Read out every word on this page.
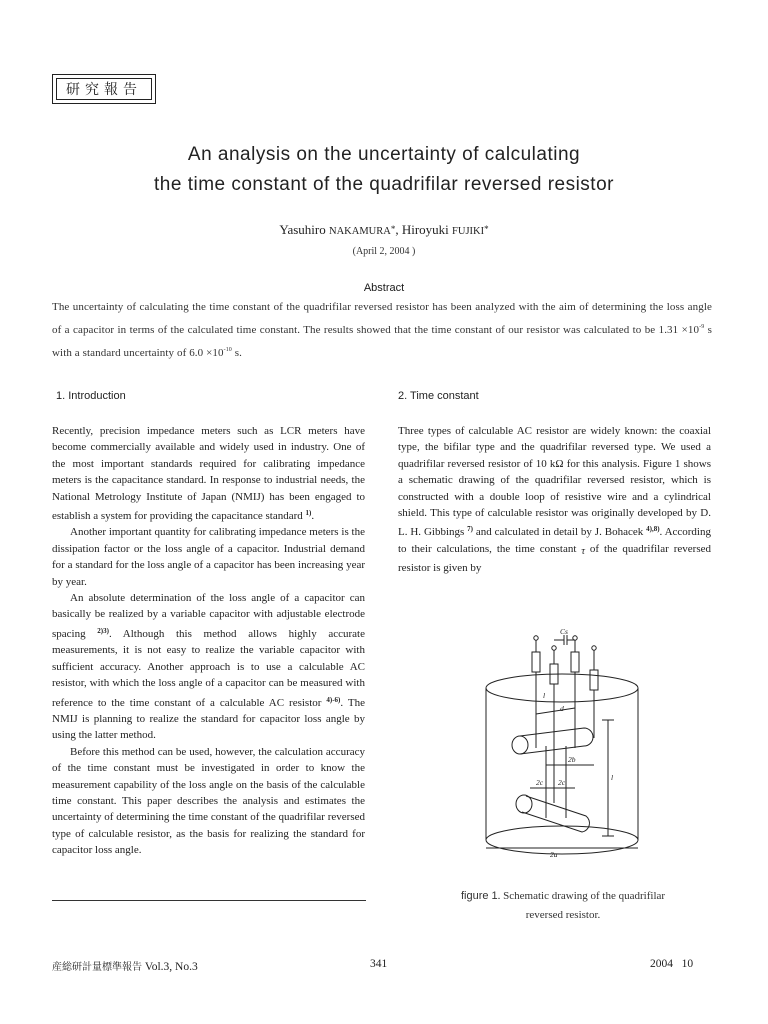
研究報告
An analysis on the uncertainty of calculating
the time constant of the quadrifilar reversed resistor
Yasuhiro NAKAMURA*, Hiroyuki FUJIKI*
(April 2, 2004 )
Abstract
The uncertainty of calculating the time constant of the quadrifilar reversed resistor has been analyzed with the aim of determining the loss angle of a capacitor in terms of the calculated time constant. The results showed that the time constant of our resistor was calculated to be $1.31 \times 10^{-9}$ s with a standard uncertainty of $6.0 \times 10^{-10}$ s.
1. Introduction	2. Time constant

Recently, precision impedance meters such as LCR meters have become commercially available and widely used in industry. One of the most important standards required for calibrating impedance meters is the capacitance standard. In response to industrial needs, the National Metrology Institute of Japan (NMIJ) has been engaged to establish a system for providing the capacitance standard $^{1)}$.

Another important quantity for calibrating impedance meters is the dissipation factor or the loss angle of a capacitor. Industrial demand for a standard for the loss angle of a capacitor has been increasing year by year.

An absolute determination of the loss angle of a capacitor can basically be realized by a variable capacitor with adjustable electrode spacing $^{2)3)}$. Although this method allows highly accurate measurements, it is not easy to realize the variable capacitor with sufficient accuracy. Another approach is to use a calculable AC resistor, with which the loss angle of a capacitor can be measured with reference to the time constant of a calculable AC resistor $^{4)-6)}$. The NMIJ is planning to realize the standard for capacitor loss angle by using the latter method.

Before this method can be used, however, the calculation accuracy of the time constant must be investigated in order to know the measurement capability of the loss angle on the basis of the calculable time constant. This paper describes the analysis and estimates the uncertainty of determining the time constant of the quadrifilar reversed type of calculable resistor, as the basis for realizing the standard for capacitor loss angle.

Three types of calculable AC resistor are widely known: the coaxial type, the bifilar type and the quadrifilar reversed type. We used a quadrifilar reversed resistor of 10 kΩ for this analysis. Figure 1 shows a schematic drawing of the quadrifilar reversed resistor, which is constructed with a double loop of resistive wire and a cylindrical shield. This type of calculable resistor was originally developed by D. L. H. Gibbings $^{7)}$ and calculated in detail by J. Bohacek $^{4),8)}$. According to their calculations, the time constant τ of the quadrifilar reversed resistor is given by

Cs
l
d
2b
2c 2c
l
2a
figure 1. Schematic drawing of the quadrifilar
reversed resistor.
産総研計量標準報告 Vol.3, No.3	341	2004 10
